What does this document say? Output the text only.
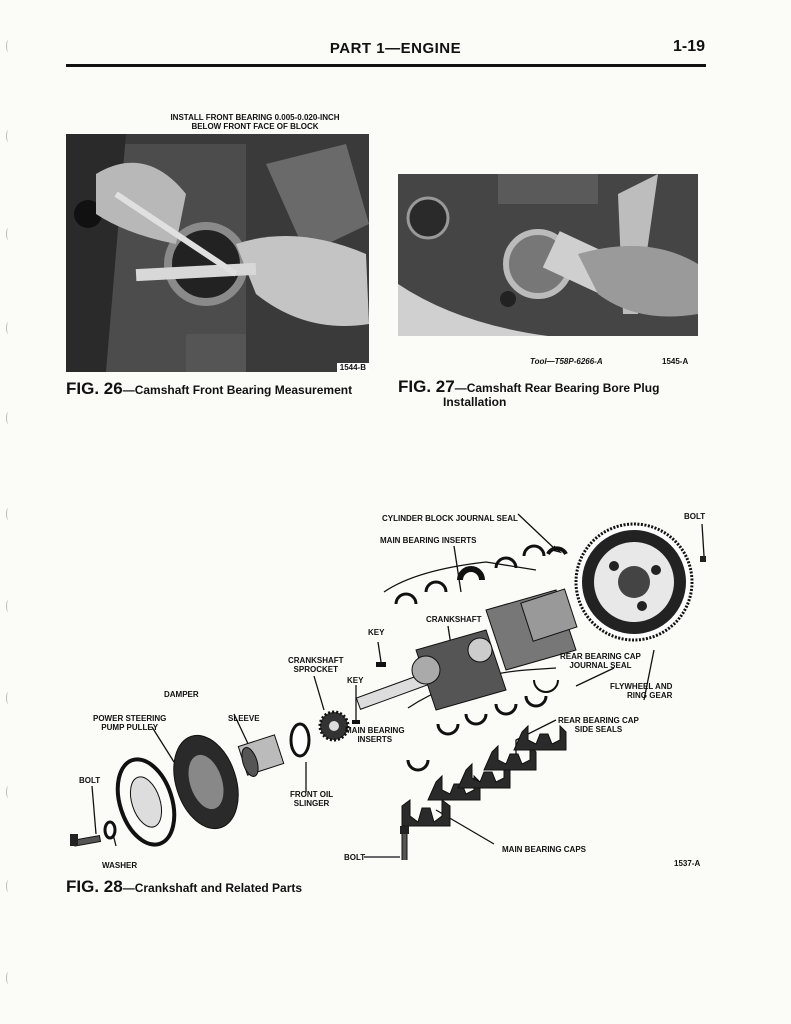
PART 1—ENGINE	1-19
INSTALL FRONT BEARING 0.005-0.020-INCH
BELOW FRONT FACE OF BLOCK
1544-B
FIG. 26—Camshaft Front Bearing Measurement
Tool—T58P-6266-A	1545-A
FIG. 27—Camshaft Rear Bearing Bore Plug
Installation
CYLINDER BLOCK JOURNAL SEAL	BOLT
MAIN BEARING INSERTS
CRANKSHAFT
KEY
CRANKSHAFT
SPROCKET
KEY
REAR BEARING CAP
JOURNAL SEAL
FLYWHEEL AND
RING GEAR
DAMPER
POWER STEERING
PUMP PULLEY
SLEEVE
MAIN BEARING
INSERTS
REAR BEARING CAP
SIDE SEALS
BOLT
FRONT OIL
SLINGER
WASHER
BOLT
MAIN BEARING CAPS
1537-A
FIG. 28—Crankshaft and Related Parts
